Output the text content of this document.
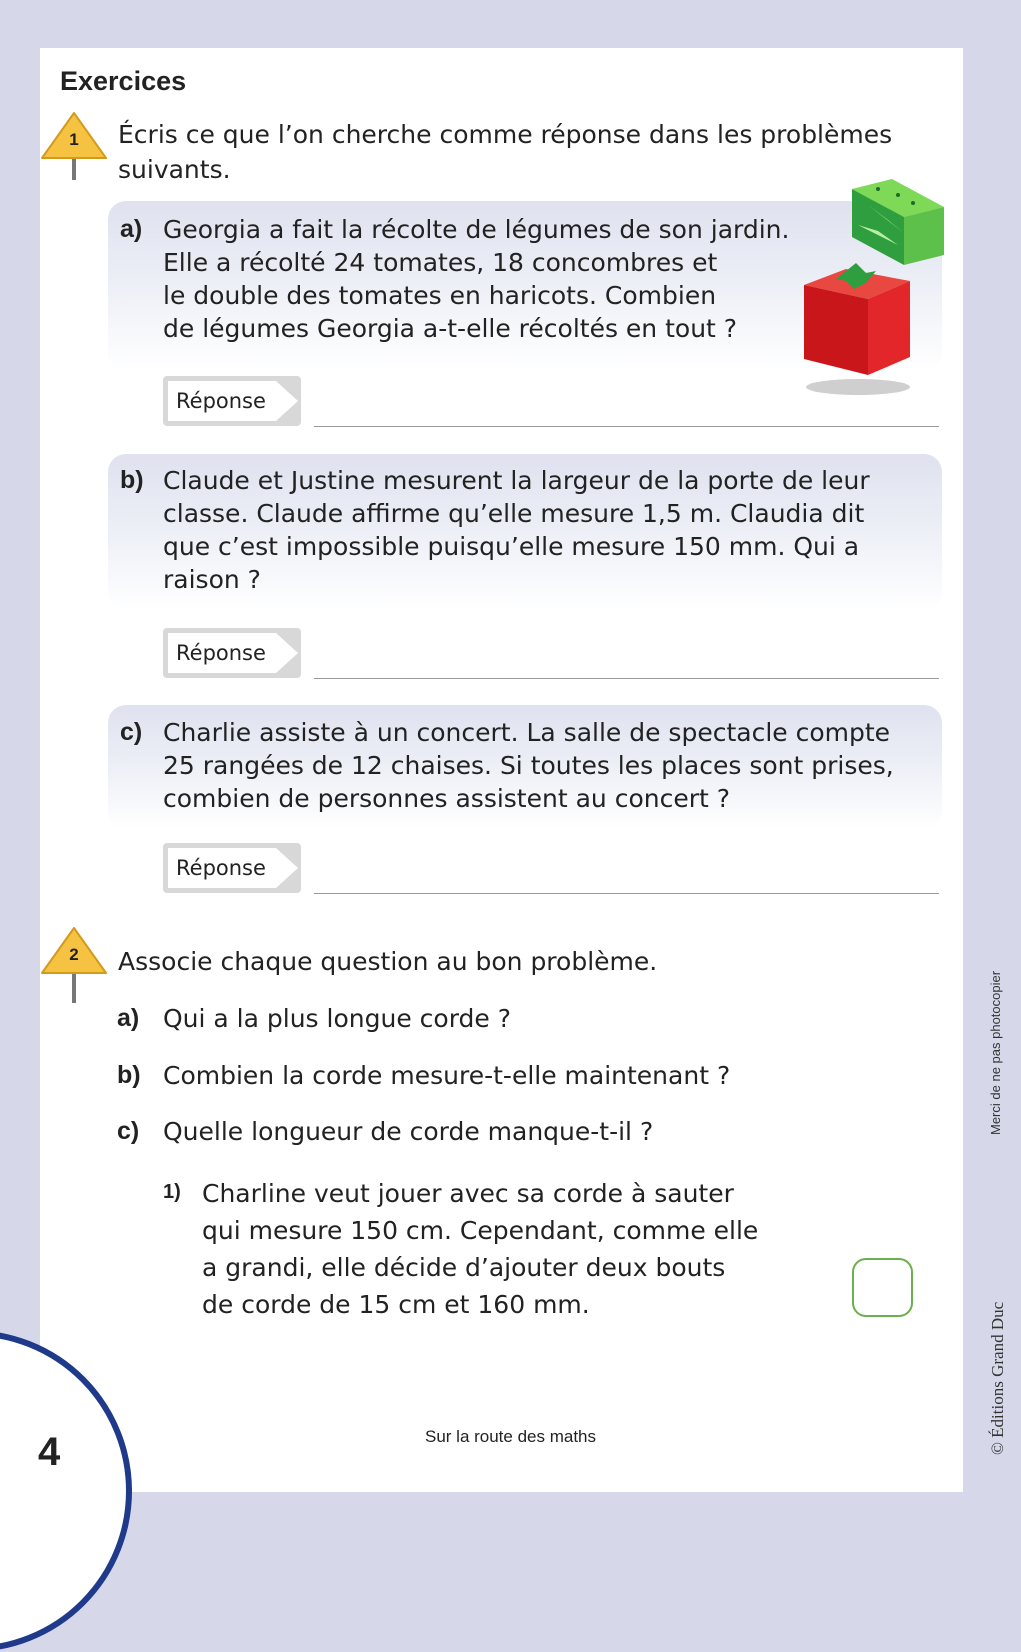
Exercices
1	Écris ce que l’on cherche comme réponse dans les problèmes

suivants.

a) Georgia a fait la récolte de légumes de son jardin.

Elle a récolté 24 tomates, 18 concombres et

le double des tomates en haricots. Combien

de légumes Georgia a-t-elle récoltés en tout ?

Réponse

b) Claude et Justine mesurent la largeur de la porte de leur

classe. Claude affirme qu’elle mesure 1,5 m. Claudia dit

que c’est impossible puisqu’elle mesure 150 mm. Qui a

raison ?

Réponse

c) Charlie assiste à un concert. La salle de spectacle compte

25 rangées de 12 chaises. Si toutes les places sont prises,

combien de personnes assistent au concert ?

Réponse
2	Associe chaque question au bon problème.

a) Qui a la plus longue corde ?

b) Combien la corde mesure-t-elle maintenant ?

c) Quelle longueur de corde manque-t-il ?

1) Charline veut jouer avec sa corde à sauter

qui mesure 150 cm. Cependant, comme elle

a grandi, elle décide d’ajouter deux bouts

de corde de 15 cm et 160 mm.

4	Sur la route des maths
Merci de ne pas photocopier
© Éditions Grand Duc
